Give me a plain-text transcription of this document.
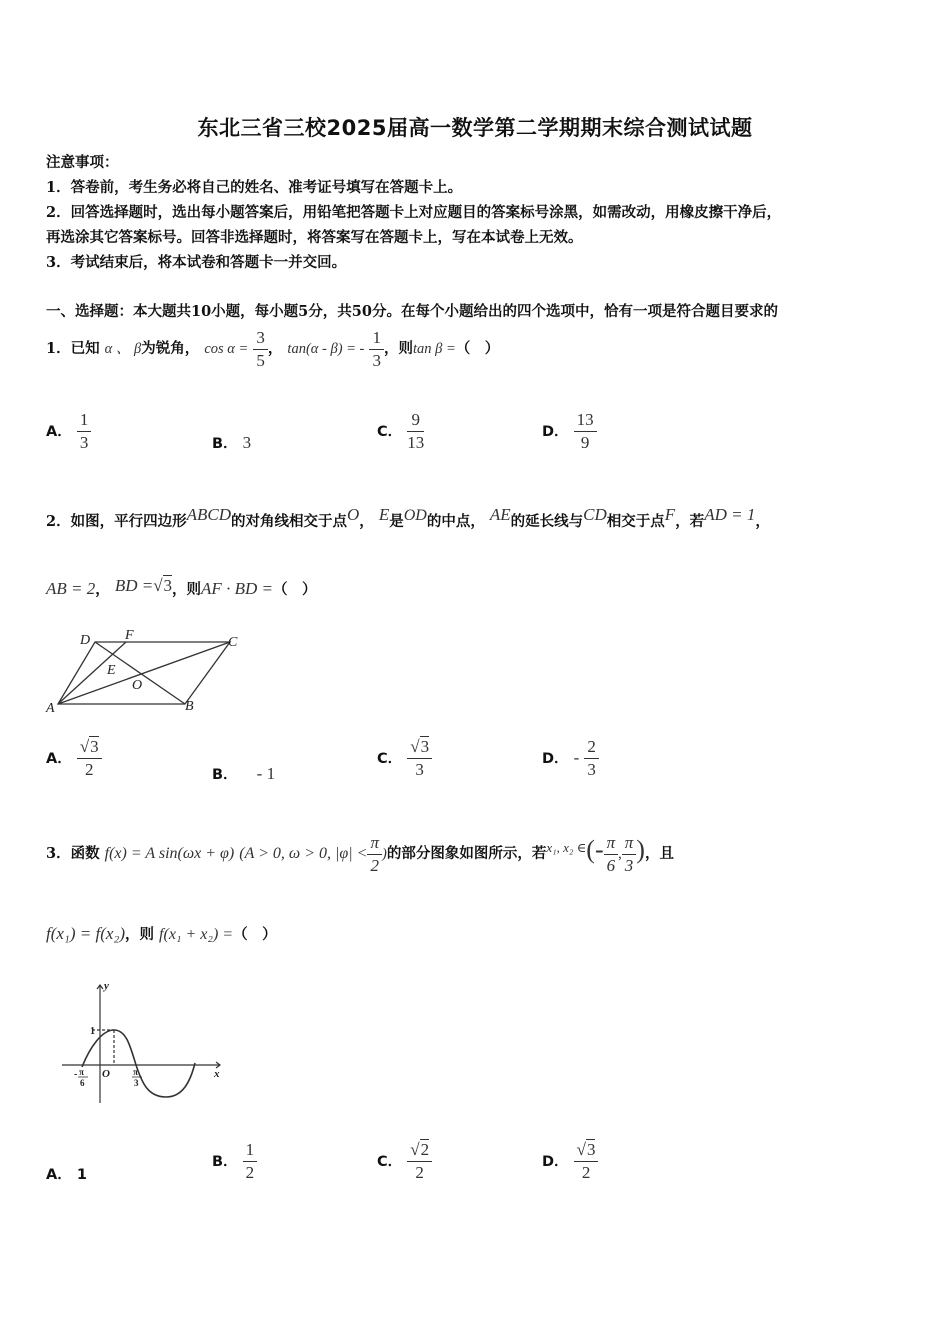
东北三省三校2025届高一数学第二学期期末综合测试试题
注意事项：
1．答卷前，考生务必将自己的姓名、准考证号填写在答题卡上。
2．回答选择题时，选出每小题答案后，用铅笔把答题卡上对应题目的答案标号涂黑，如需改动，用橡皮擦干净后，
再选涂其它答案标号。回答非选择题时，将答案写在答题卡上，写在本试卷上无效。
3．考试结束后，将本试卷和答题卡一并交回。
一、选择题：本大题共10小题，每小题5分，共50分。在每个小题给出的四个选项中，恰有一项是符合题目要求的
1．已知 α 、 β为锐角， $\cos \alpha = \frac{3}{5}$ ， tan(α - β) = - $\frac{1}{3}$ ，则tan β =（　）
A． $\frac{1}{3}$	B． 3
C． $\frac{9}{13}$	D． $\frac{13}{9}$
2．如图，平行四边形ABCD的对角线相交于点O， E是OD的中点， AE的延长线与CD相交于点F，若AD = 1，
AB = 2， BD =√3，则AF · BD =（　）
A	B
C
D F
E
O
A． $\frac{√3}{2}$	B． - 1
C． $\frac{√3}{3}$	D． - $\frac{2}{3}$
3．函数 f(x) = A sin(ωx + φ) (A > 0, ω > 0, $|\varphi| < \frac{\pi}{2}$ )的部分图象如图所示，若x₁, x₂ ∈(- $\frac{\pi}{6}$ , $\frac{\pi}{3}$ )，且
f(x₁) = f(x₂)，则 f(x₁ + x₂) =（　）
y
x
O
1
- π
6
π
3
A． 1
B． $\frac{1}{2}$	C． $\frac{√2}{2}$	D． $\frac{√3}{2}$
